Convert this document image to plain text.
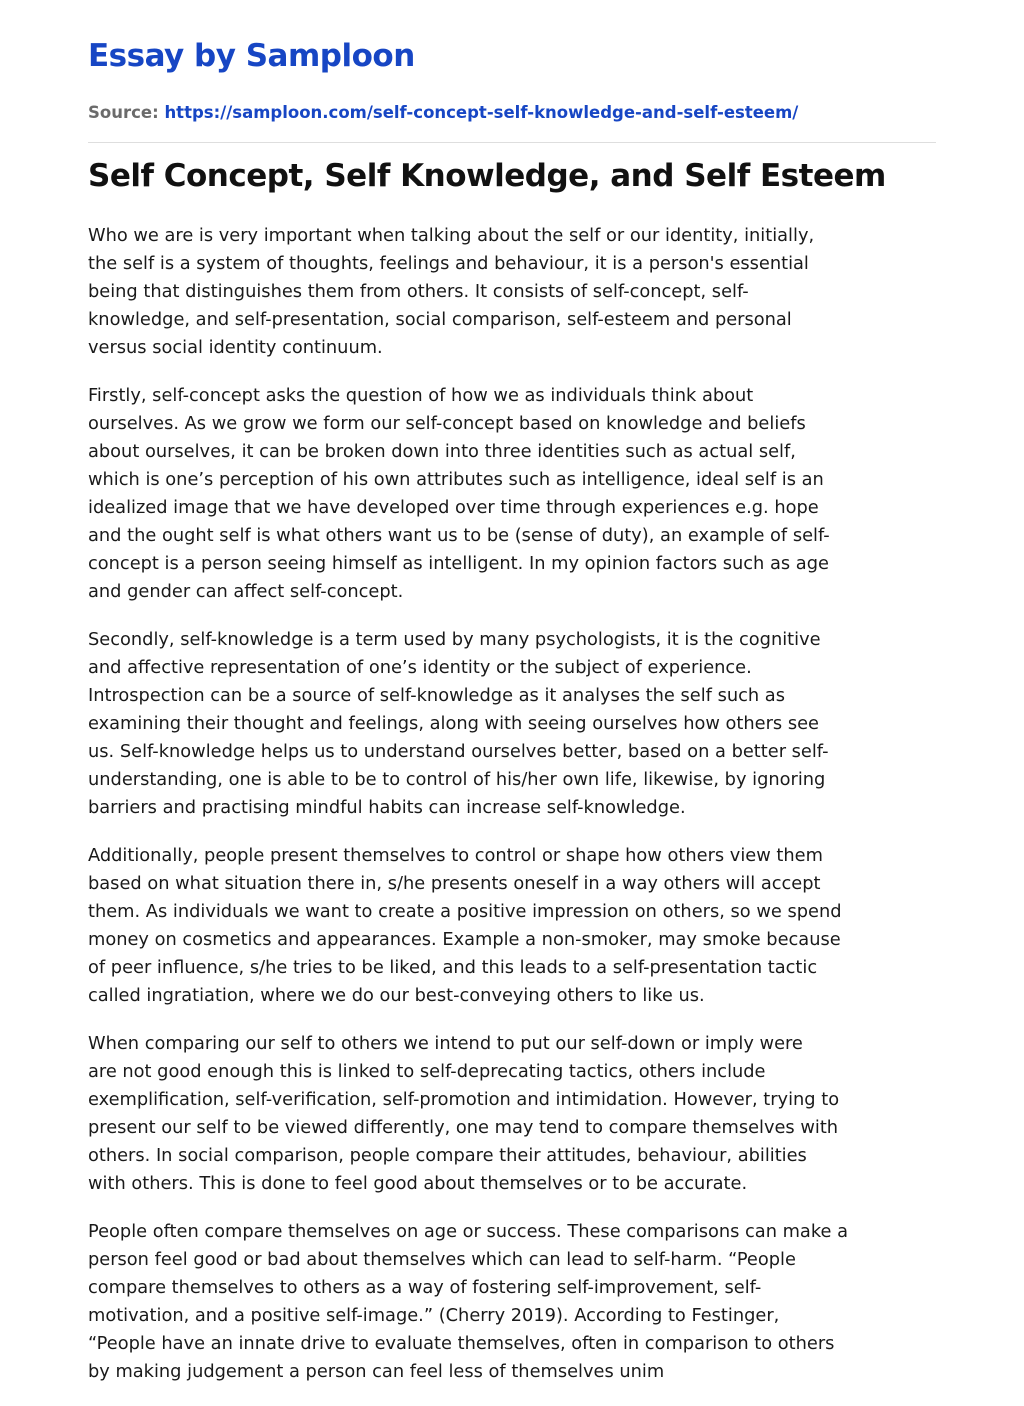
Essay by Samploon
Source: https://samploon.com/self-concept-self-knowledge-and-self-esteem/
Self Concept, Self Knowledge, and Self Esteem

Who we are is very important when talking about the self or our identity, initially,
the self is a system of thoughts, feelings and behaviour, it is a person's essential
being that distinguishes them from others. It consists of self-concept, self-
knowledge, and self-presentation, social comparison, self-esteem and personal
versus social identity continuum.

Firstly, self-concept asks the question of how we as individuals think about
ourselves. As we grow we form our self-concept based on knowledge and beliefs
about ourselves, it can be broken down into three identities such as actual self,
which is one’s perception of his own attributes such as intelligence, ideal self is an
idealized image that we have developed over time through experiences e.g. hope
and the ought self is what others want us to be (sense of duty), an example of self-
concept is a person seeing himself as intelligent. In my opinion factors such as age
and gender can affect self-concept.

Secondly, self-knowledge is a term used by many psychologists, it is the cognitive
and affective representation of one’s identity or the subject of experience.
Introspection can be a source of self-knowledge as it analyses the self such as
examining their thought and feelings, along with seeing ourselves how others see
us. Self-knowledge helps us to understand ourselves better, based on a better self-
understanding, one is able to be to control of his/her own life, likewise, by ignoring
barriers and practising mindful habits can increase self-knowledge.

Additionally, people present themselves to control or shape how others view them
based on what situation there in, s/he presents oneself in a way others will accept
them. As individuals we want to create a positive impression on others, so we spend
money on cosmetics and appearances. Example a non-smoker, may smoke because
of peer influence, s/he tries to be liked, and this leads to a self-presentation tactic
called ingratiation, where we do our best-conveying others to like us.

When comparing our self to others we intend to put our self-down or imply were
are not good enough this is linked to self-deprecating tactics, others include
exemplification, self-verification, self-promotion and intimidation. However, trying to
present our self to be viewed differently, one may tend to compare themselves with
others. In social comparison, people compare their attitudes, behaviour, abilities
with others. This is done to feel good about themselves or to be accurate.

People often compare themselves on age or success. These comparisons can make a
person feel good or bad about themselves which can lead to self-harm. “People
compare themselves to others as a way of fostering self-improvement, self-
motivation, and a positive self-image.” (Cherry 2019). According to Festinger,
“People have an innate drive to evaluate themselves, often in comparison to others
by making judgement a person can feel less of themselves unim
